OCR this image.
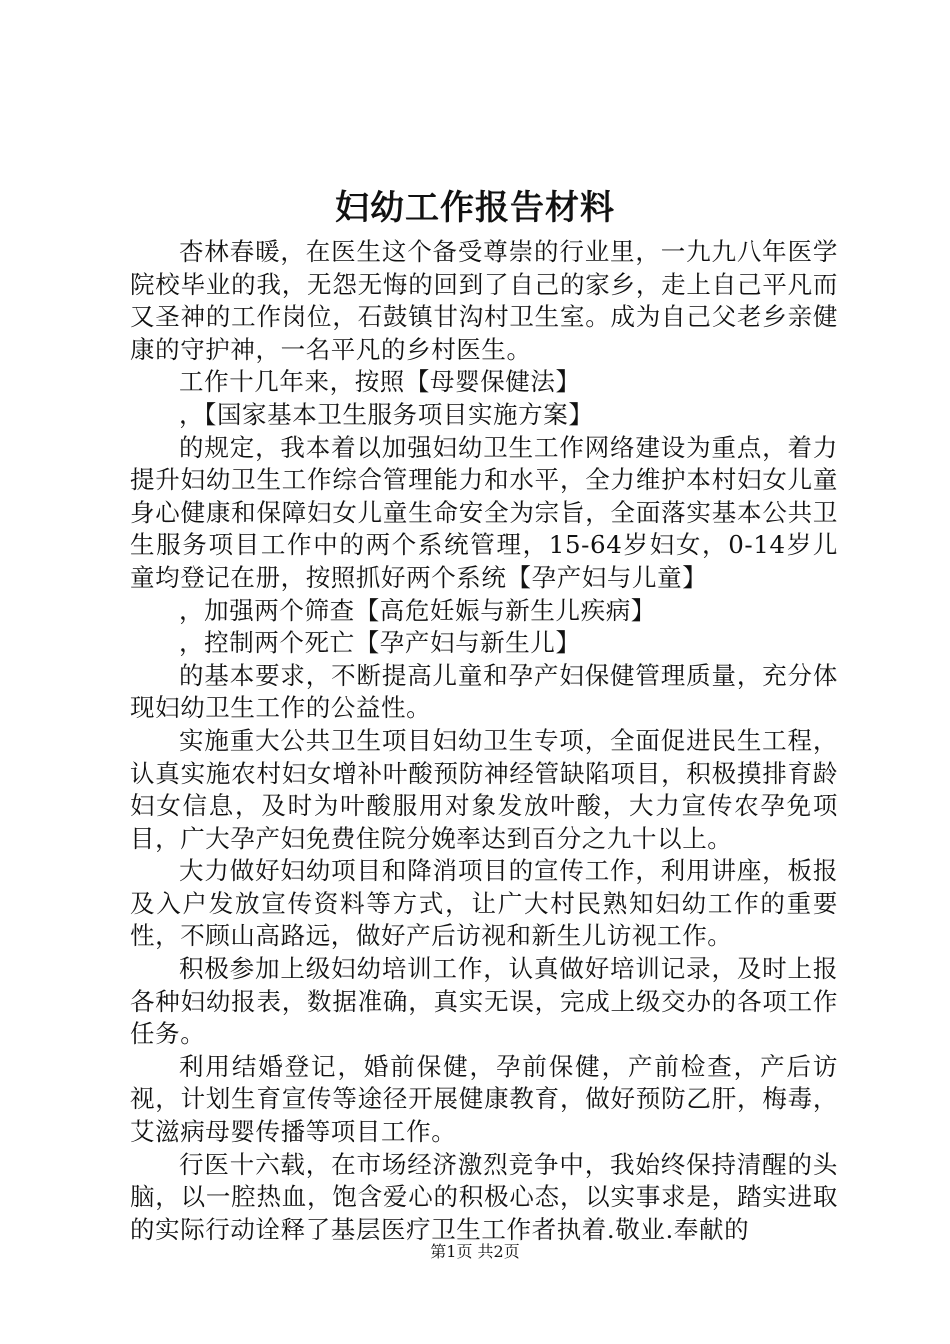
妇幼工作报告材料

杏林春暖，在医生这个备受尊崇的行业里，一九九八年医学院校毕业的我，无怨无悔的回到了自己的家乡，走上自己平凡而又圣神的工作岗位，石鼓镇甘沟村卫生室。成为自己父老乡亲健康的守护神，一名平凡的乡村医生。

工作十几年来，按照【母婴保健法】

，【国家基本卫生服务项目实施方案】

的规定，我本着以加强妇幼卫生工作网络建设为重点，着力提升妇幼卫生工作综合管理能力和水平，全力维护本村妇女儿童身心健康和保障妇女儿童生命安全为宗旨，全面落实基本公共卫生服务项目工作中的两个系统管理，15-64岁妇女，0-14岁儿童均登记在册，按照抓好两个系统【孕产妇与儿童】

，加强两个筛查【高危妊娠与新生儿疾病】

，控制两个死亡【孕产妇与新生儿】

的基本要求，不断提高儿童和孕产妇保健管理质量，充分体现妇幼卫生工作的公益性。

实施重大公共卫生项目妇幼卫生专项，全面促进民生工程，认真实施农村妇女增补叶酸预防神经管缺陷项目，积极摸排育龄妇女信息，及时为叶酸服用对象发放叶酸，大力宣传农孕免项目，广大孕产妇免费住院分娩率达到百分之九十以上。

大力做好妇幼项目和降消项目的宣传工作，利用讲座，板报及入户发放宣传资料等方式，让广大村民熟知妇幼工作的重要性，不顾山高路远，做好产后访视和新生儿访视工作。

积极参加上级妇幼培训工作，认真做好培训记录，及时上报各种妇幼报表，数据准确，真实无误，完成上级交办的各项工作任务。

利用结婚登记，婚前保健，孕前保健，产前检查，产后访视，计划生育宣传等途径开展健康教育，做好预防乙肝，梅毒，艾滋病母婴传播等项目工作。

行医十六载，在市场经济激烈竞争中，我始终保持清醒的头脑，以一腔热血，饱含爱心的积极心态，以实事求是，踏实进取的实际行动诠释了基层医疗卫生工作者执着.敬业.奉献的

第1页 共2页
